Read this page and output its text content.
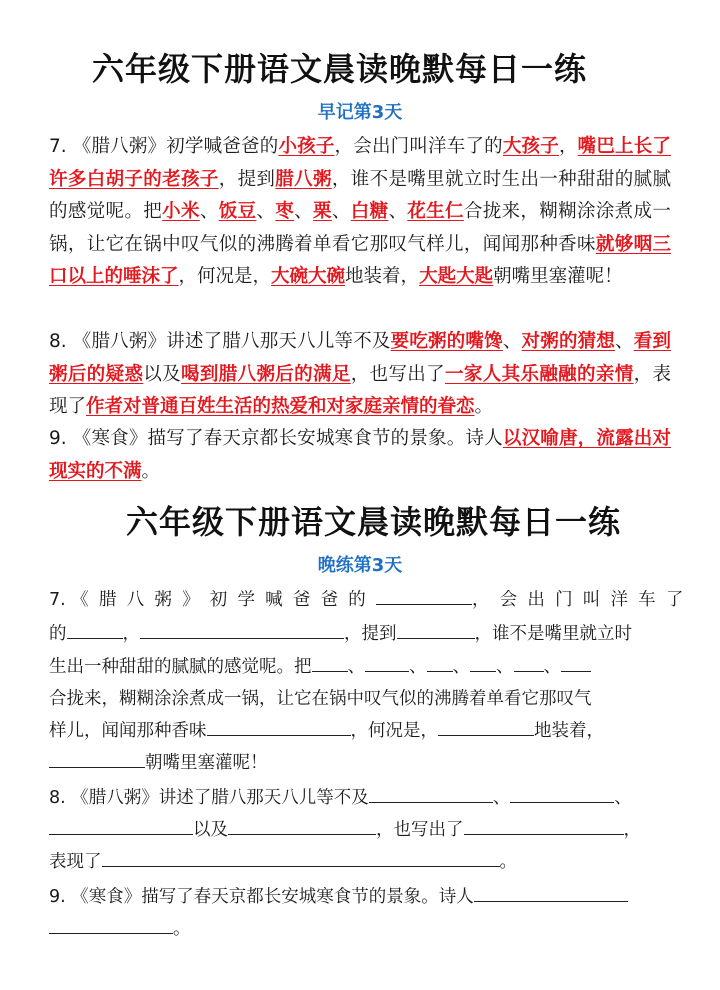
六年级下册语文晨读晚默每日一练
早记第3天
7. 《腊八粥》初学喊爸爸的小孩子，会出门叫洋车了的大孩子，嘴巴上长了许多白胡子的老孩子，提到腊八粥，谁不是嘴里就立时生出一种甜甜的腻腻的感觉呢。把小米、饭豆、枣、栗、白糖、花生仁合拢来，糊糊涂涂煮成一锅，让它在锅中叹气似的沸腾着单看它那叹气样儿，闻闻那种香味就够咽三口以上的唾沫了，何况是，大碗大碗地装着，大匙大匙朝嘴里塞灌呢！
8. 《腊八粥》讲述了腊八那天八儿等不及要吃粥的嘴馋、对粥的猜想、看到粥后的疑惑以及喝到腊八粥后的满足，也写出了一家人其乐融融的亲情，表现了作者对普通百姓生活的热爱和对家庭亲情的眷恋。
9. 《寒食》描写了春天京都长安城寒食节的景象。诗人以汉喻唐，流露出对现实的不满。
六年级下册语文晨读晚默每日一练
晚练第3天
7. 《腊八粥》初学喊爸爸的	，会出门叫洋车了
的	，	，提到	，谁不是嘴里就立时
生出一种甜甜的腻腻的感觉呢。把 、	、 、 、 、
合拢来，糊糊涂涂煮成一锅，让它在锅中叹气似的沸腾着单看它那叹气
样儿，闻闻那种香味	，何况是，	地装着，
朝嘴里塞灌呢！
8. 《腊八粥》讲述了腊八那天八儿等不及	、	、
以及	，也写出了	，
表现了	。
9. 《寒食》描写了春天京都长安城寒食节的景象。诗人
。
